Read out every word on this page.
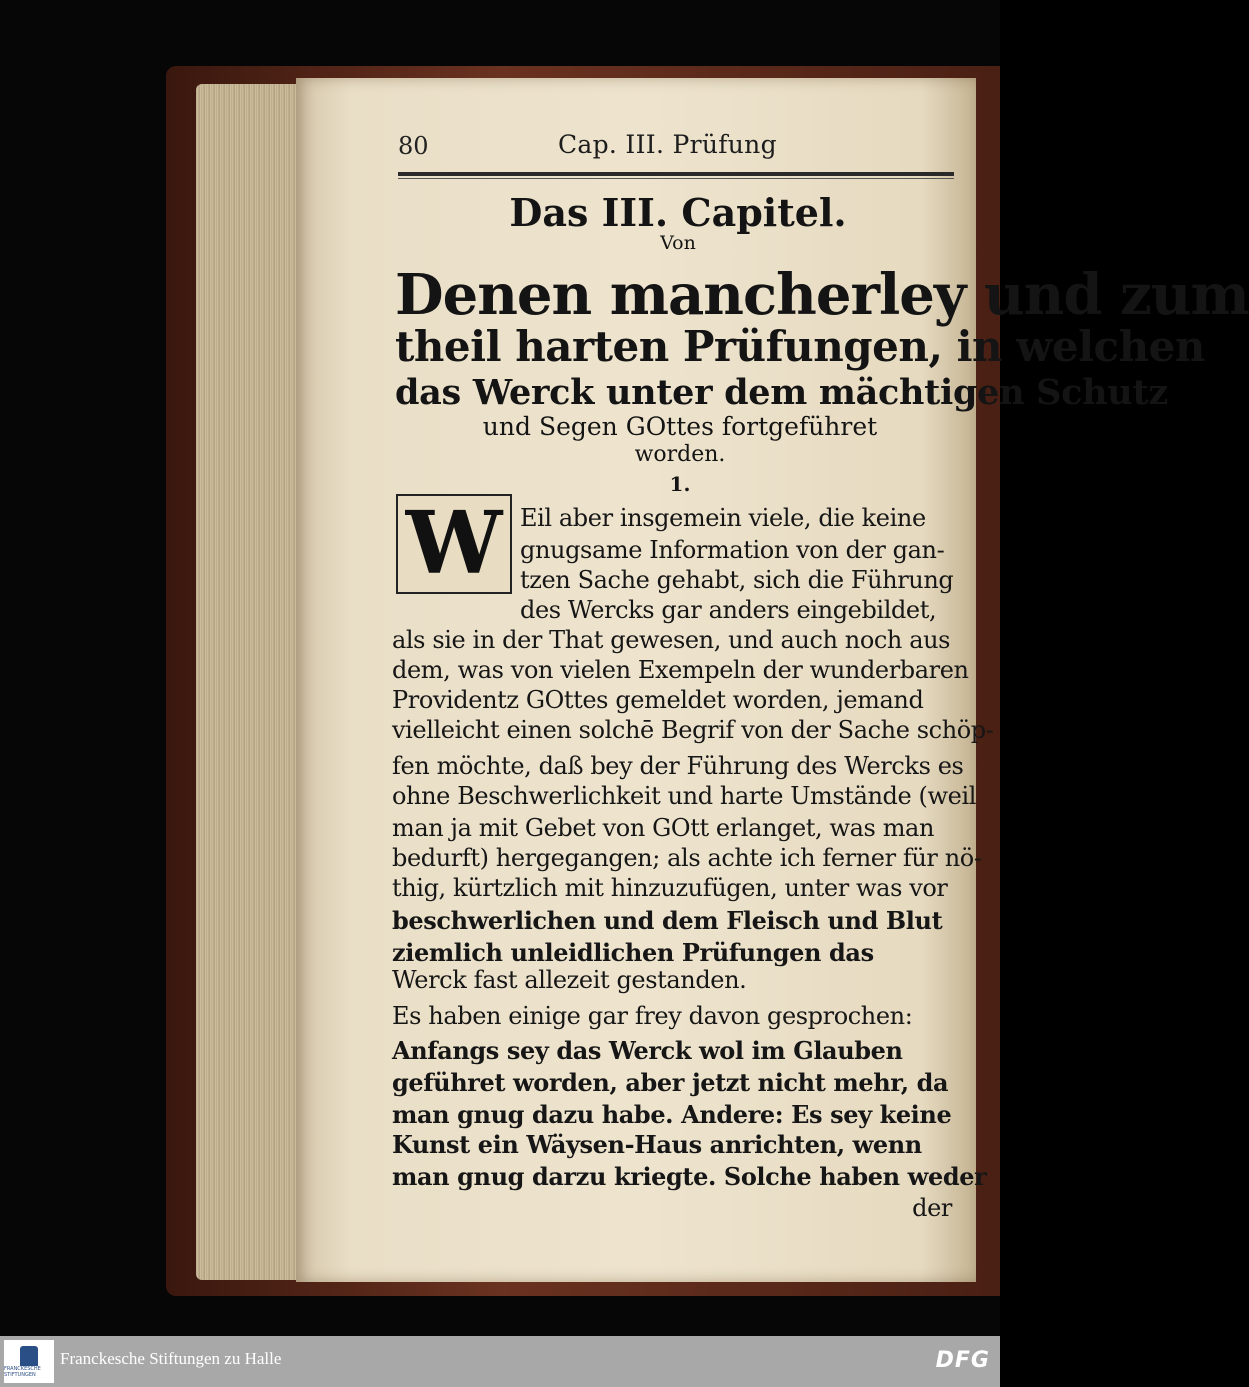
80	Cap. III. Prüfung
Das III. Capitel.
Von
Denen mancherley und zum
theil harten Prüfungen, in welchen
das Werck unter dem mächtigen Schutz
und Segen GOttes fortgeführet
worden.
1.
W Eil aber insgemein viele, die keine
gnugsame Information von der gan-
tzen Sache gehabt, sich die Führung
des Wercks gar anders eingebildet,
als sie in der That gewesen, und auch noch aus
dem, was von vielen Exempeln der wunderbaren
Providentz GOttes gemeldet worden, jemand
vielleicht einen solchē Begrif von der Sache schöp-
fen möchte, daß bey der Führung des Wercks es
ohne Beschwerlichkeit und harte Umstände (weil
man ja mit Gebet von GOtt erlanget, was man
bedurft) hergegangen; als achte ich ferner für nö-
thig, kürtzlich mit hinzuzufügen, unter was vor
beschwerlichen und dem Fleisch und Blut
ziemlich unleidlichen Prüfungen das
Werck fast allezeit gestanden.
Es haben einige gar frey davon gesprochen:
Anfangs sey das Werck wol im Glauben
geführet worden, aber jetzt nicht mehr, da
man gnug dazu habe. Andere: Es sey keine
Kunst ein Wäysen-Haus anrichten, wenn
man gnug darzu kriegte. Solche haben weder
der
FRANCKESCHE STIFTUNGEN
Franckesche Stiftungen zu Halle	DFG
